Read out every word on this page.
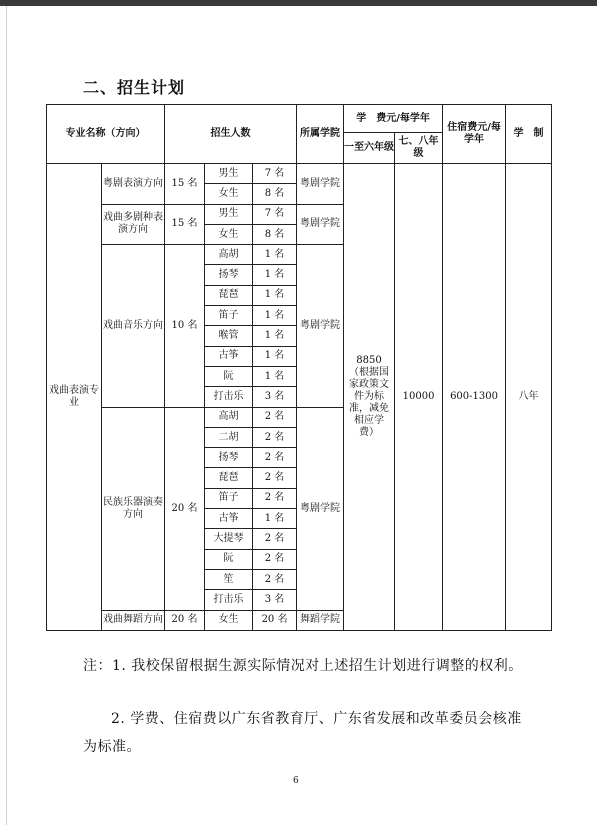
二、招生计划
专业名称（方向）		招生人数			所属学院	学　费元/每学年		住宿费元/每学年	学　制
						一至六年级	七、八年级		
戏曲表演专业	粤剧表演方向	15 名	男生	7 名	粤剧学院	8850（根据国家政策文件为标准，减免相应学费）	10000	600-1300	八年
			女生	8 名					
	戏曲多剧种表演方向	15 名	男生	7 名	粤剧学院				
			女生	8 名					
	戏曲音乐方向	10 名	高胡	1 名	粤剧学院				
			扬琴	1 名					
			琵琶	1 名					
			笛子	1 名					
			喉管	1 名					
			古筝	1 名					
			阮	1 名					
			打击乐	3 名					
	民族乐器演奏方向	20 名	高胡	2 名	粤剧学院				
			二胡	2 名					
			扬琴	2 名					
			琵琶	2 名					
			笛子	2 名					
			古筝	1 名					
			大提琴	2 名					
			阮	2 名					
			笙	2 名					
			打击乐	3 名					
	戏曲舞蹈方向	20 名	女生	20 名	舞蹈学院				
注：1. 我校保留根据生源实际情况对上述招生计划进行调整的权利。
2. 学费、住宿费以广东省教育厅、广东省发展和改革委员会核准为标准。
6
